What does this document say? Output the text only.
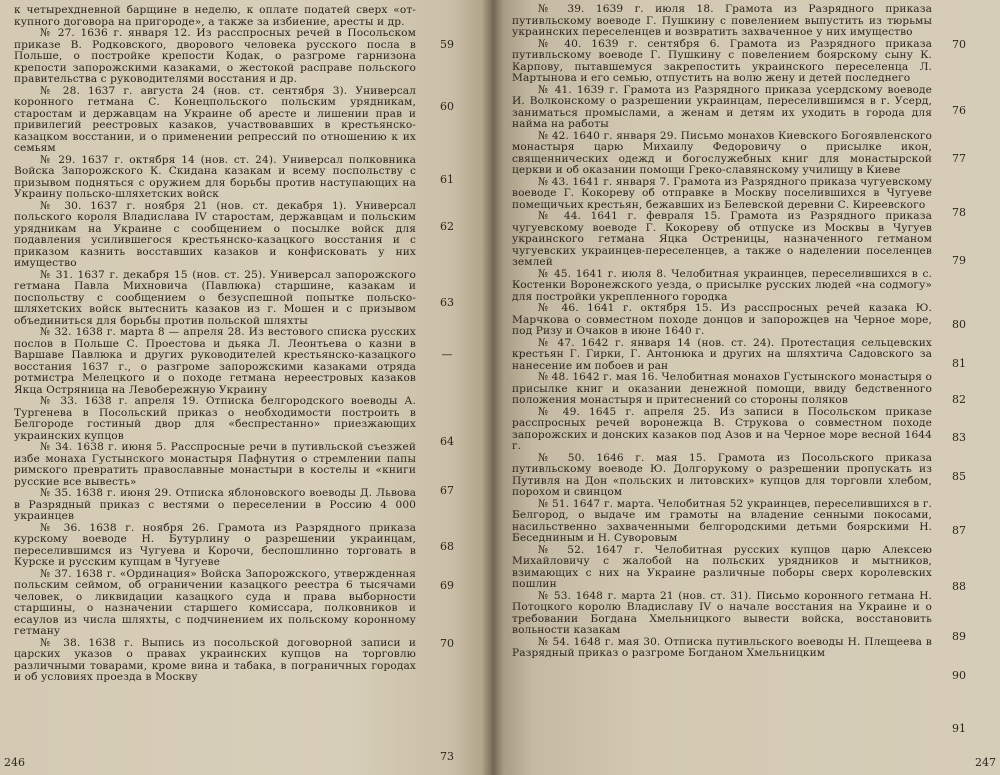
к четырехдневной барщине в неделю, к оплате податей сверх «от-купного договора на пригороде», а также за избиение, аресты и др.

№ 27. 1636 г. января 12. Из расспросных речей в Посольском приказе В. Родковского, дворового человека русского посла в Польше, о постройке крепости Кодак, о разгроме гарнизона крепости запорожскими казаками, о жестокой расправе польского правительства с руководителями восстания и др.

№ 28. 1637 г. августа 24 (нов. ст. сентября 3). Универсал коронного гетмана С. Конецпольского польским урядникам, старостам и державцам на Украине об аресте и лишении прав и привилегий реестровых казаков, участвовавших в крестьянско-казацком восстании, и о применении репрессий по отношению к их семьям

№ 29. 1637 г. октября 14 (нов. ст. 24). Универсал полковника Войска Запорожского К. Скидана казакам и всему поспольству с призывом подняться с оружием для борьбы против наступающих на Украину польско-шляхетских войск

№ 30. 1637 г. ноября 21 (нов. ст. декабря 1). Универсал польского короля Владислава IV старостам, державцам и польским урядникам на Украине с сообщением о посылке войск для подавления усилившегося крестьянско-казацкого восстания и с приказом казнить восставших казаков и конфисковать у них имущество

№ 31. 1637 г. декабря 15 (нов. ст. 25). Универсал запорожского гетмана Павла Михновича (Павлюка) старшине, казакам и поспольству с сообщением о безуспешной попытке польско-шляхетских войск вытеснить казаков из г. Мошен и с призывом объединиться для борьбы против польской шляхты

№ 32. 1638 г. марта 8 — апреля 28. Из вестового списка русских послов в Польше С. Проестова и дьяка Л. Леонтьева о казни в Варшаве Павлюка и других руководителей крестьянско-казацкого восстания 1637 г., о разгроме запорожскими казаками отряда ротмистра Мелецкого и о походе гетмана нереестровых казаков Якца Остряница на Левобережную Украину

№ 33. 1638 г. апреля 19. Отписка белгородского воеводы А. Тургенева в Посольский приказ о необходимости построить в Белгороде гостиный двор для «беспрестанно» приезжающих украинских купцов

№ 34. 1638 г. июня 5. Расспросные речи в путивльской съезжей избе монаха Густынского монастыря Пафнутия о стремлении папы римского превратить православные монастыри в костелы и «книги русские все вывесть»

№ 35. 1638 г. июня 29. Отписка яблоновского воеводы Д. Львова в Разрядный приказ с вестями о переселении в Россию 4 000 украинцев

№ 36. 1638 г. ноября 26. Грамота из Разрядного приказа курскому воеводе Н. Бутурлину о разрешении украинцам, переселившимся из Чугуева и Корочи, беспошлинно торговать в Курске и русским купцам в Чугуеве

№ 37. 1638 г. «Ординация» Войска Запорожского, утвержденная польским сеймом, об ограничении казацкого реестра 6 тысячами человек, о ликвидации казацкого суда и права выборности старшины, о назначении старшего комиссара, полковников и есаулов из числа шляхты, с подчинением их польскому коронному гетману

№ 38. 1638 г. Выпись из посольской договорной записи и царских указов о правах украинских купцов на торговлю различными товарами, кроме вина и табака, в пограничных городах и об условиях проезда в Москву

59
60
61
62
63
—
64
67
68
69
70
73
246

№ 39. 1639 г. июля 18. Грамота из Разрядного приказа путивльскому воеводе Г. Пушкину с повелением выпустить из тюрьмы украинских переселенцев и возвратить захваченное у них имущество

№ 40. 1639 г. сентября 6. Грамота из Разрядного приказа путивльскому воеводе Г. Пушкину с повелением боярскому сыну К. Карпову, пытавшемуся закрепостить украинского переселенца Л. Мартынова и его семью, отпустить на волю жену и детей последнего

№ 41. 1639 г. Грамота из Разрядного приказа усердскому воеводе И. Волконскому о разрешении украинцам, переселившимся в г. Усерд, заниматься промыслами, а женам и детям их уходить в города для найма на работы

№ 42. 1640 г. января 29. Письмо монахов Киевского Богоявленского монастыря царю Михаилу Федоровичу о присылке икон, священнических одежд и богослужебных книг для монастырской церкви и об оказании помощи Греко-славянскому училищу в Киеве

№ 43. 1641 г. января 7. Грамота из Разрядного приказа чугуевскому воеводе Г. Кокореву об отправке в Москву поселившихся в Чугуеве помещичьих крестьян, бежавших из Белевской деревни С. Киреевского

№ 44. 1641 г. февраля 15. Грамота из Разрядного приказа чугуевскому воеводе Г. Кокореву об отпуске из Москвы в Чугуев украинского гетмана Яцка Остреницы, назначенного гетманом чугуевских украинцев-переселенцев, а также о наделении поселенцев землей

№ 45. 1641 г. июля 8. Челобитная украинцев, переселившихся в с. Костенки Воронежского уезда, о присылке русских людей «на содмогу» для постройки укрепленного городка

№ 46. 1641 г. октября 15. Из расспросных речей казака Ю. Марчкова о совместном походе донцов и запорожцев на Черное море, под Ризу и Очаков в июне 1640 г.

№ 47. 1642 г. января 14 (нов. ст. 24). Протестация сельцевских крестьян Г. Гирки, Г. Антонюка и других на шляхтича Садовского за нанесение им побоев и ран

№ 48. 1642 г. мая 16. Челобитная монахов Густынского монастыря о присылке книг и оказании денежной помощи, ввиду бедственного положения монастыря и притеснений со стороны поляков

№ 49. 1645 г. апреля 25. Из записи в Посольском приказе расспросных речей воронежца В. Струкова о совместном походе запорожских и донских казаков под Азов и на Черное море весной 1644 г.

№ 50. 1646 г. мая 15. Грамота из Посольского приказа путивльскому воеводе Ю. Долгорукому о разрешении пропускать из Путивля на Дон «польских и литовских» купцов для торговли хлебом, порохом и свинцом

№ 51. 1647 г. марта. Челобитная 52 украинцев, переселившихся в г. Белгород, о выдаче им грамоты на владение сенными покосами, насильственно захваченными белгородскими детьми боярскими Н. Беседниным и Н. Суворовым

№ 52. 1647 г. Челобитная русских купцов царю Алексею Михайловичу с жалобой на польских урядников и мытников, взимающих с них на Украине различные поборы сверх королевских пошлин

№ 53. 1648 г. марта 21 (нов. ст. 31). Письмо коронного гетмана Н. Потоцкого королю Владиславу IV о начале восстания на Украине и о требовании Богдана Хмельницкого вывести войска, восстановить вольности казакам

№ 54. 1648 г. мая 30. Отписка путивльского воеводы Н. Плещеева в Разрядный приказ о разгроме Богданом Хмельницким

70
76
77
78
79
80
81
82
83
85
87
88
89
90
91
247
